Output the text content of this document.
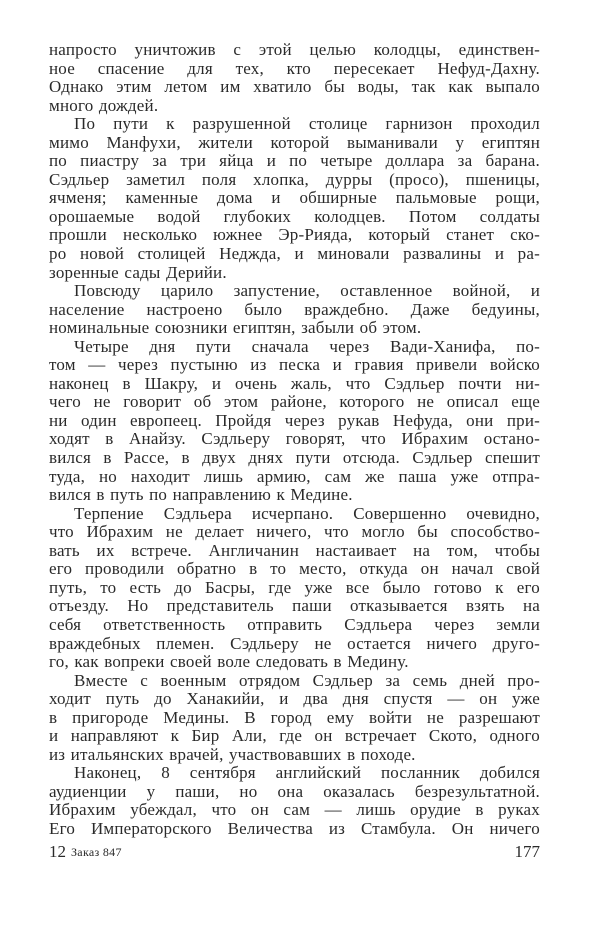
напросто уничтожив с этой целью колодцы, единствен-
ное спасение для тех, кто пересекает Нефуд-Дахну.
Однако этим летом им хватило бы воды, так как выпало
много дождей.
По пути к разрушенной столице гарнизон проходил
мимо Манфухи, жители которой выманивали у египтян
по пиастру за три яйца и по четыре доллара за барана.
Сэдльер заметил поля хлопка, дурры (просо), пшеницы,
ячменя; каменные дома и обширные пальмовые рощи,
орошаемые водой глубоких колодцев. Потом солдаты
прошли несколько южнее Эр-Рияда, который станет ско-
ро новой столицей Неджда, и миновали развалины и ра-
зоренные сады Дерийи.
Повсюду царило запустение, оставленное войной, и
население настроено было враждебно. Даже бедуины,
номинальные союзники египтян, забыли об этом.
Четыре дня пути сначала через Вади-Ханифа, по-
том — через пустыню из песка и гравия привели войско
наконец в Шакру, и очень жаль, что Сэдльер почти ни-
чего не говорит об этом районе, которого не описал еще
ни один европеец. Пройдя через рукав Нефуда, они при-
ходят в Анайзу. Сэдльеру говорят, что Ибрахим остано-
вился в Рассе, в двух днях пути отсюда. Сэдльер спешит
туда, но находит лишь армию, сам же паша уже отпра-
вился в путь по направлению к Медине.
Терпение Сэдльера исчерпано. Совершенно очевидно,
что Ибрахим не делает ничего, что могло бы способство-
вать их встрече. Англичанин настаивает на том, чтобы
его проводили обратно в то место, откуда он начал свой
путь, то есть до Басры, где уже все было готово к его
отъезду. Но представитель паши отказывается взять на
себя ответственность отправить Сэдльера через земли
враждебных племен. Сэдльеру не остается ничего друго-
го, как вопреки своей воле следовать в Медину.
Вместе с военным отрядом Сэдльер за семь дней про-
ходит путь до Ханакийи, и два дня спустя — он уже
в пригороде Медины. В город ему войти не разрешают
и направляют к Бир Али, где он встречает Ското, одного
из итальянских врачей, участвовавших в походе.
Наконец, 8 сентября английский посланник добился
аудиенции у паши, но она оказалась безрезультатной.
Ибрахим убеждал, что он сам — лишь орудие в руках
Его Императорского Величества из Стамбула. Он ничего
12 Заказ 847	177
